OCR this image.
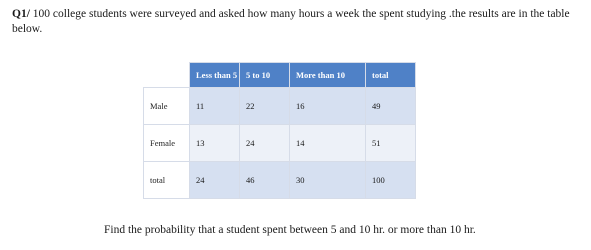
Q1/ 100 college students were surveyed and asked how many hours a week the spent studying .the results are in the table below.
	Less than 5	5 to 10	More than 10	total
Male	11	22	16	49
Female	13	24	14	51
total	24	46	30	100
Find the probability that a student spent between 5 and 10 hr. or more than 10 hr.
